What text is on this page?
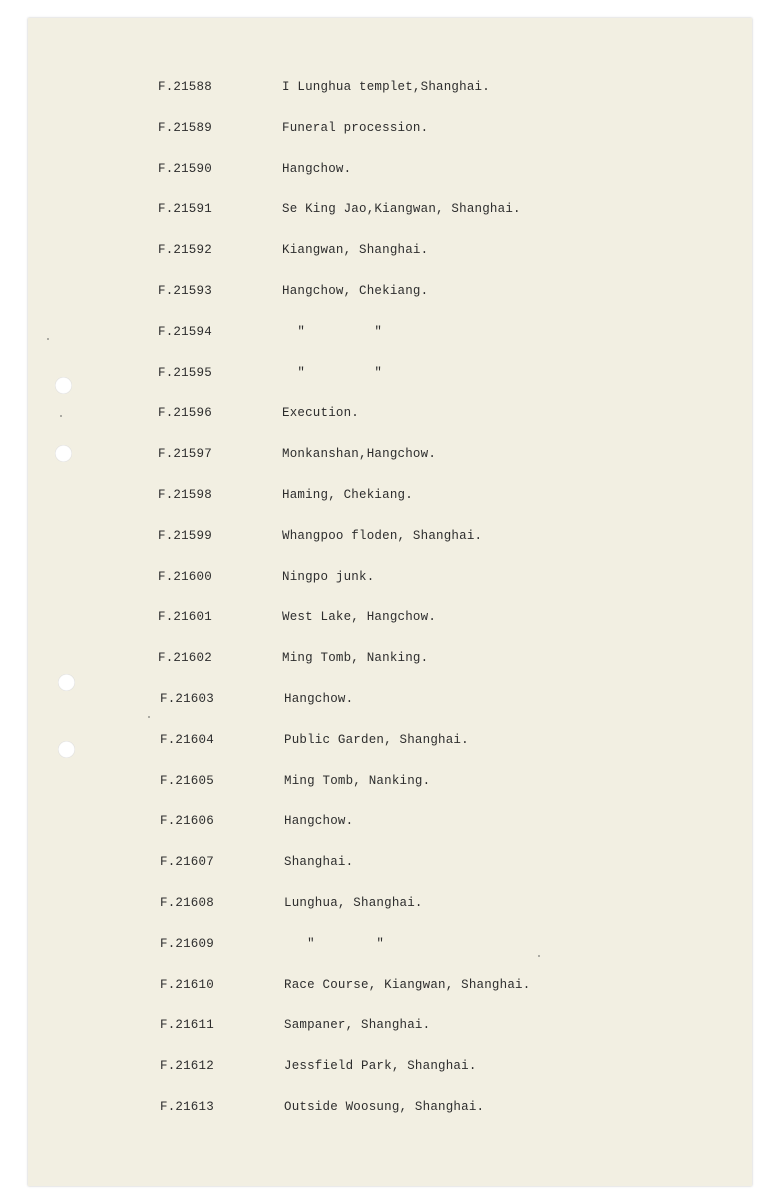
F.21588	I Lunghua templet,Shanghai.
F.21589	Funeral procession.
F.21590	Hangchow.
F.21591	Se King Jao,Kiangwan, Shanghai.
F.21592	Kiangwan, Shanghai.
F.21593	Hangchow, Chekiang.
F.21594	"         "
F.21595	"         "
F.21596	Execution.
F.21597	Monkanshan,Hangchow.
F.21598	Haming, Chekiang.
F.21599	Whangpoo floden, Shanghai.
F.21600	Ningpo junk.
F.21601	West Lake, Hangchow.
F.21602	Ming Tomb, Nanking.
F.21603	Hangchow.
F.21604	Public Garden, Shanghai.
F.21605	Ming Tomb, Nanking.
F.21606	Hangchow.
F.21607	Shanghai.
F.21608	Lunghua, Shanghai.
F.21609	"        "
F.21610	Race Course, Kiangwan, Shanghai.
F.21611	Sampaner, Shanghai.
F.21612	Jessfield Park, Shanghai.
F.21613	Outside Woosung, Shanghai.
